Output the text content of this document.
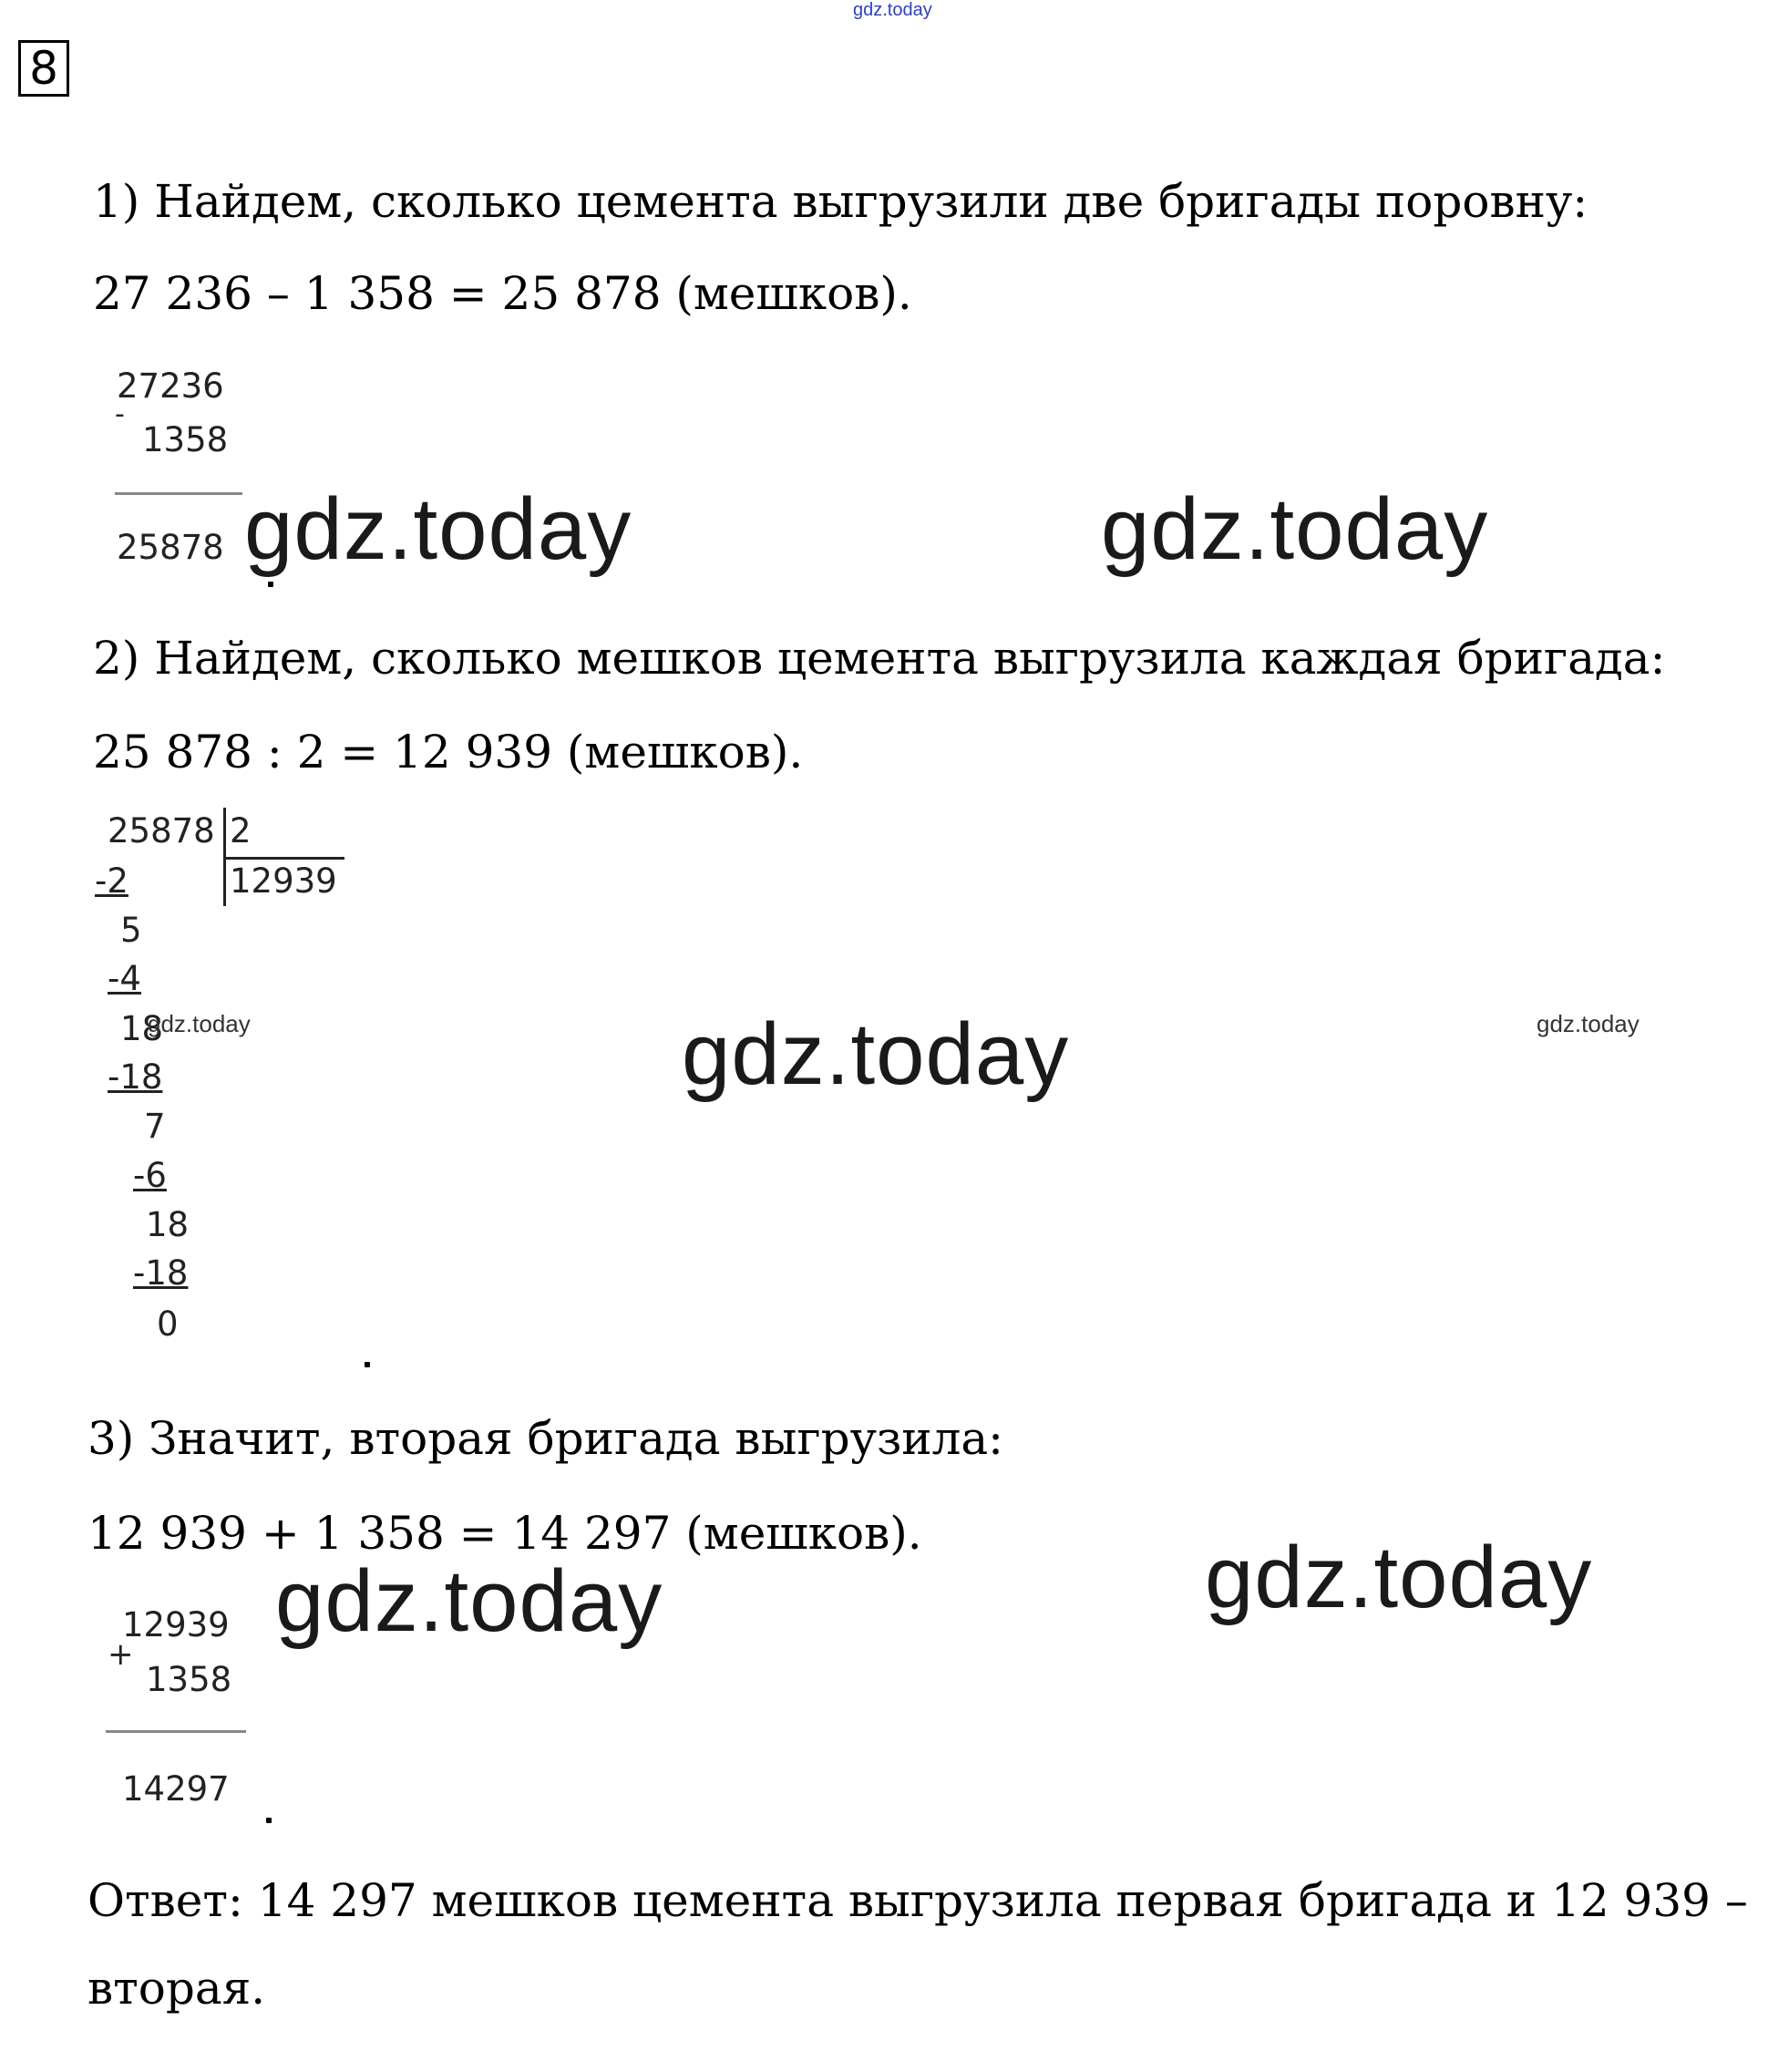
gdz.today
8
1) Найдем, сколько цемента выгрузили две бригады поровну:
27 236 – 1 358 = 25 878 (мешков).
27236
-
1358
25878 gdz.today	gdz.today
2) Найдем, сколько мешков цемента выгрузила каждая бригада:
25 878 : 2 = 12 939 (мешков).
25878 2
12939
-2
5
-4
18
-18
7
-6
18
-18
0
gdz.today	gdz.today
gdz.today
3) Значит, вторая бригада выгрузила:
12 939 + 1 358 = 14 297 (мешков).
12939
+
1358
14297
gdz.today	gdz.today
Ответ: 14 297 мешков цемента выгрузила первая бригада и 12 939 –
вторая.
